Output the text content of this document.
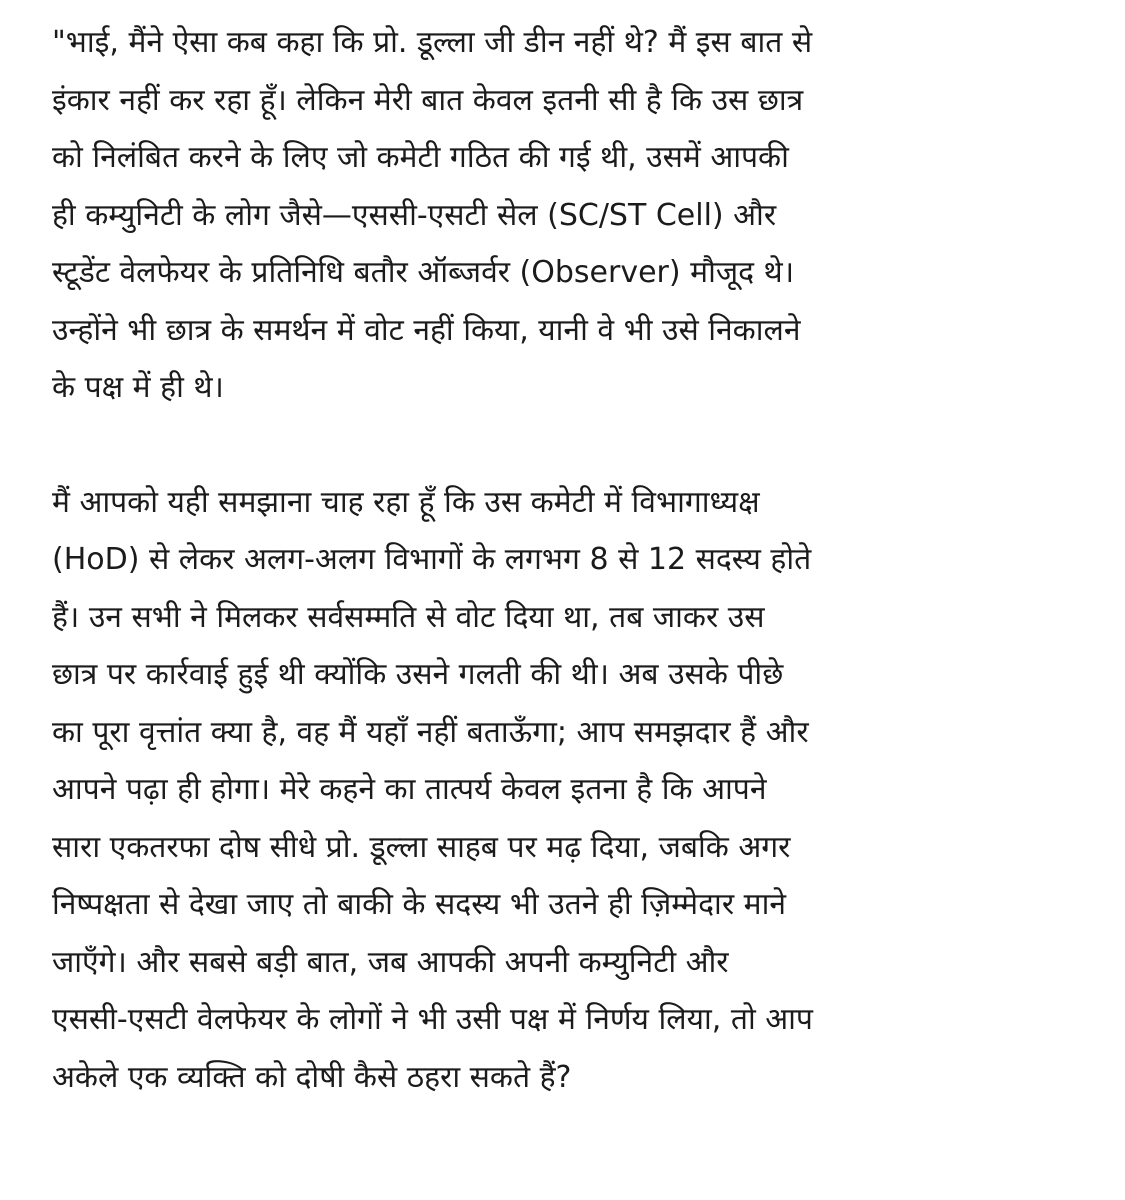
"भाई, मैंने ऐसा कब कहा कि प्रो. डूल्ला जी डीन नहीं थे? मैं इस बात से
इंकार नहीं कर रहा हूँ। लेकिन मेरी बात केवल इतनी सी है कि उस छात्र
को निलंबित करने के लिए जो कमेटी गठित की गई थी, उसमें आपकी
ही कम्युनिटी के लोग जैसे—एससी-एसटी सेल (SC/ST Cell) और
स्टूडेंट वेलफेयर के प्रतिनिधि बतौर ऑब्जर्वर (Observer) मौजूद थे।
उन्होंने भी छात्र के समर्थन में वोट नहीं किया, यानी वे भी उसे निकालने
के पक्ष में ही थे।
मैं आपको यही समझाना चाह रहा हूँ कि उस कमेटी में विभागाध्यक्ष
(HoD) से लेकर अलग-अलग विभागों के लगभग 8 से 12 सदस्य होते
हैं। उन सभी ने मिलकर सर्वसम्मति से वोट दिया था, तब जाकर उस
छात्र पर कार्रवाई हुई थी क्योंकि उसने गलती की थी। अब उसके पीछे
का पूरा वृत्तांत क्या है, वह मैं यहाँ नहीं बताऊँगा; आप समझदार हैं और
आपने पढ़ा ही होगा। मेरे कहने का तात्पर्य केवल इतना है कि आपने
सारा एकतरफा दोष सीधे प्रो. डूल्ला साहब पर मढ़ दिया, जबकि अगर
निष्पक्षता से देखा जाए तो बाकी के सदस्य भी उतने ही ज़िम्मेदार माने
जाएँगे। और सबसे बड़ी बात, जब आपकी अपनी कम्युनिटी और
एससी-एसटी वेलफेयर के लोगों ने भी उसी पक्ष में निर्णय लिया, तो आप
अकेले एक व्यक्ति को दोषी कैसे ठहरा सकते हैं?
